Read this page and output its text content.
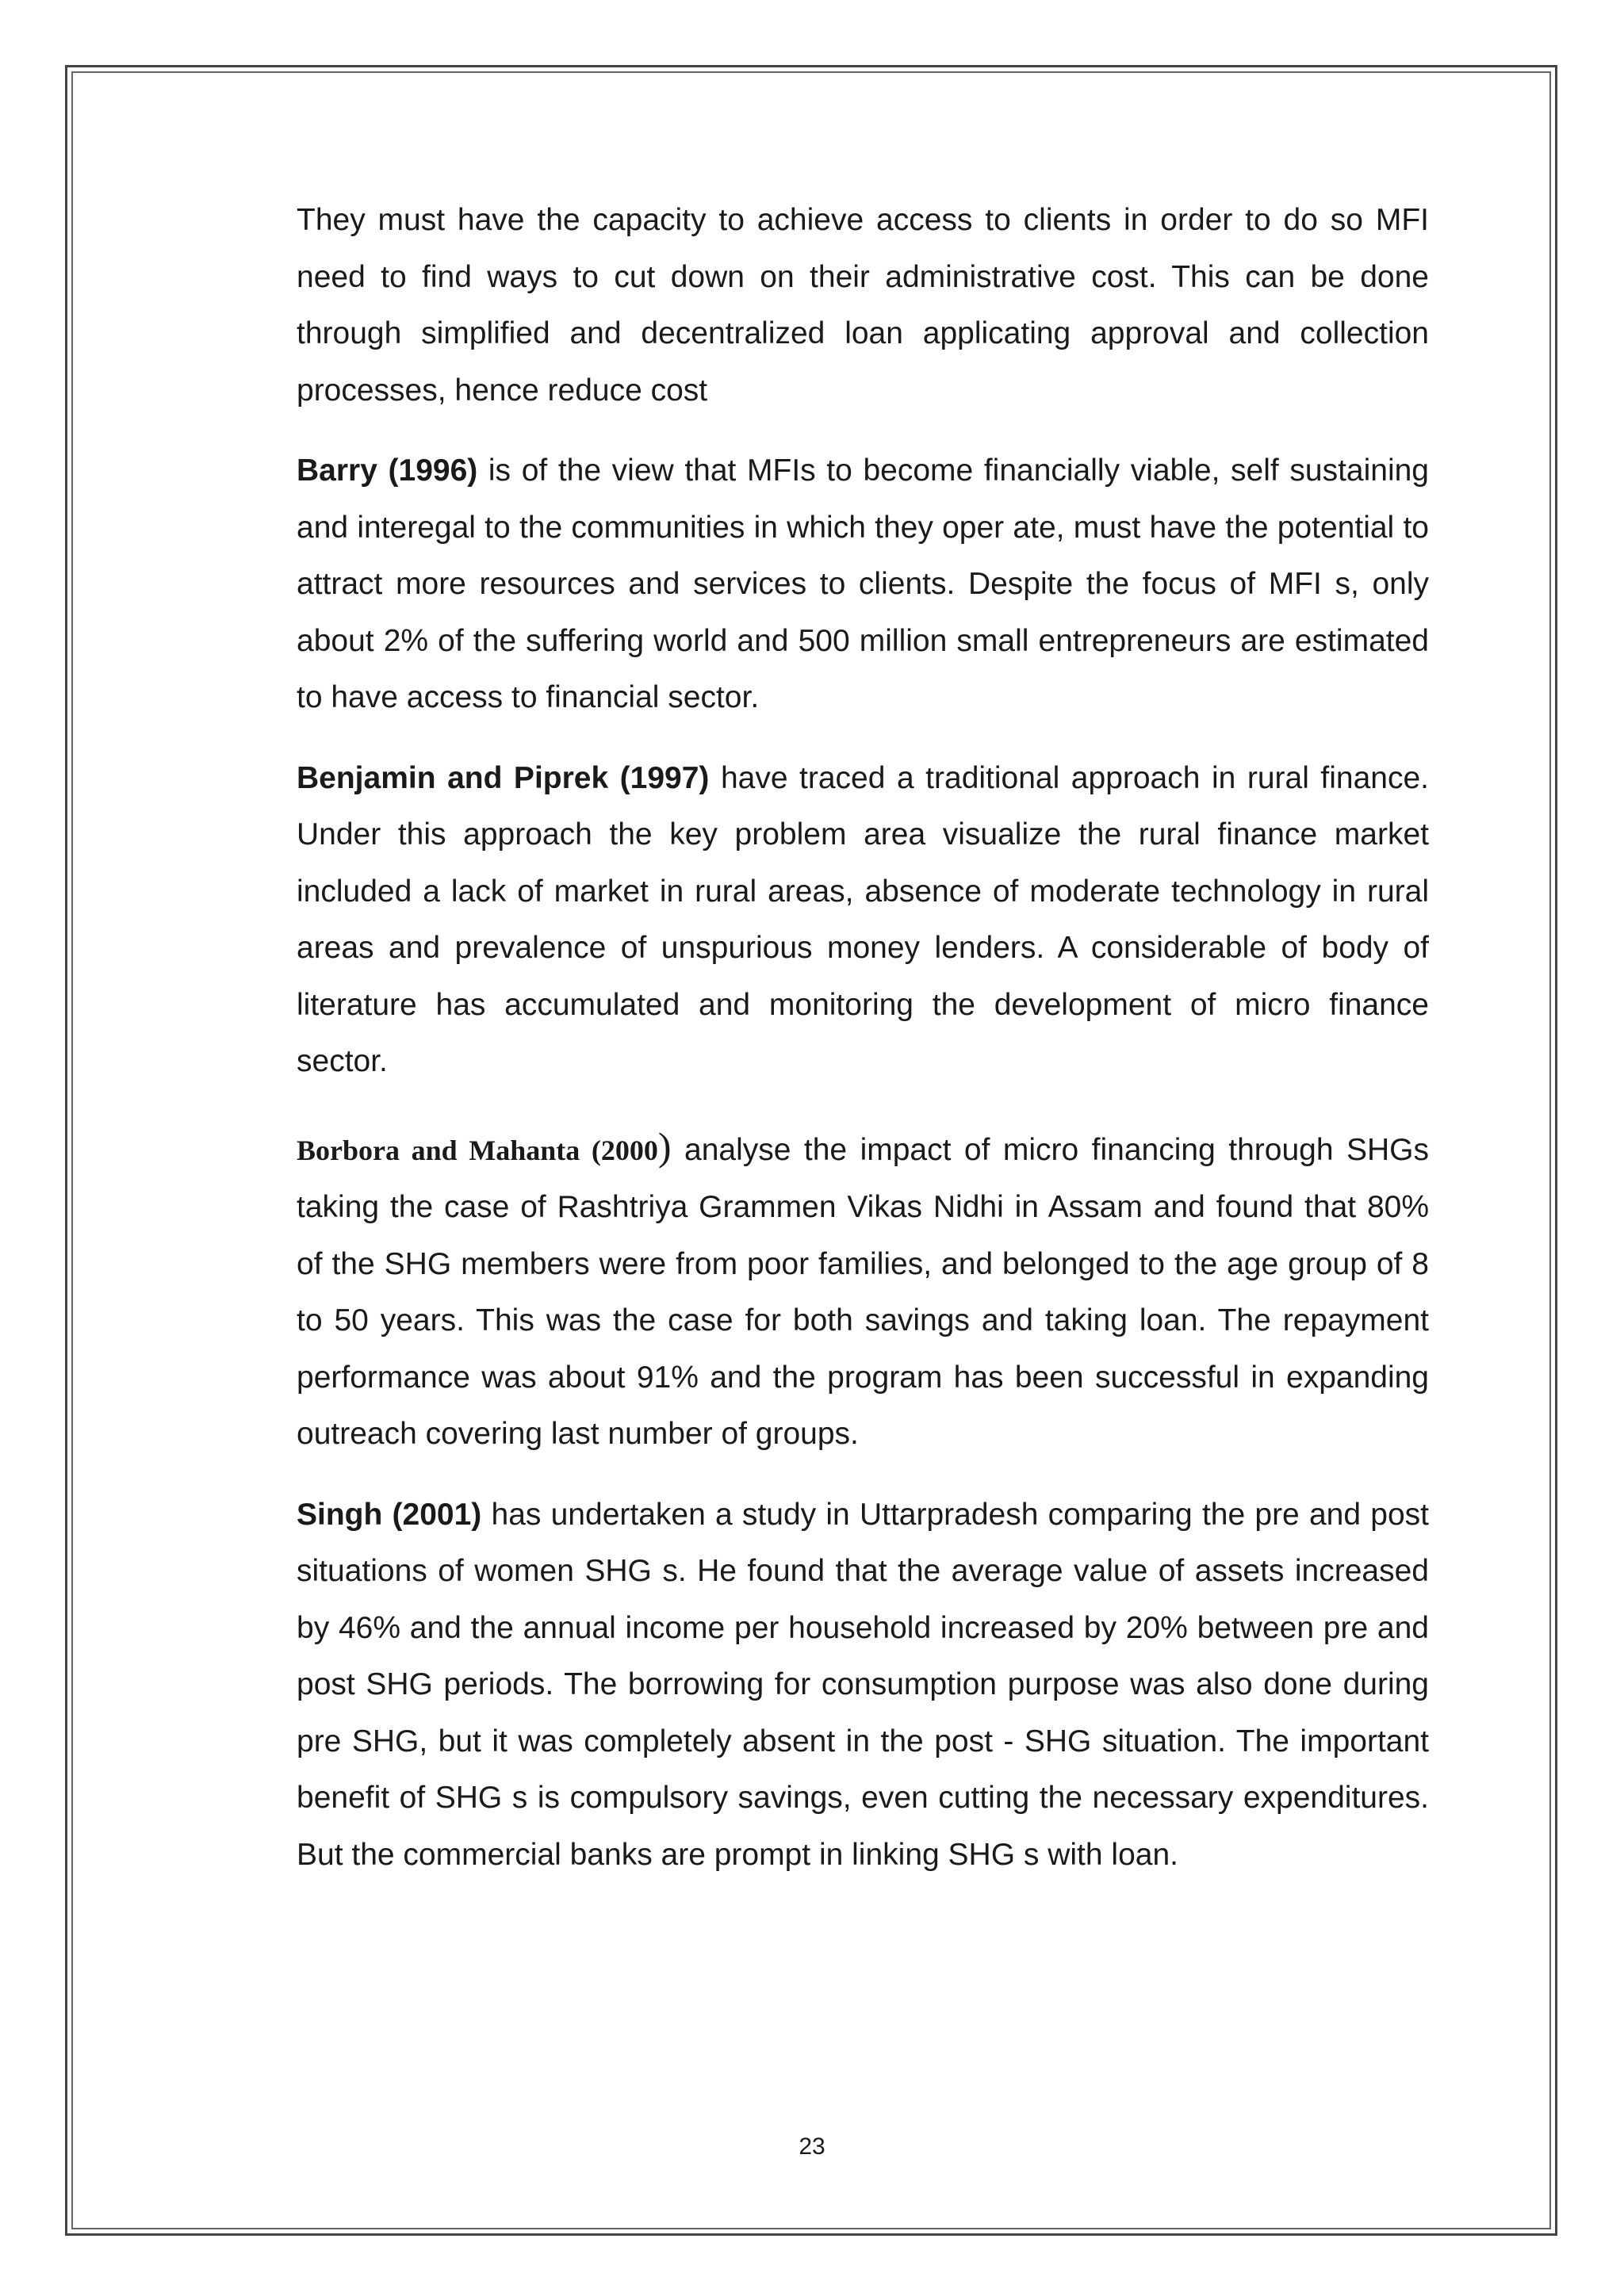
They must have the capacity to achieve access to clients in order to do so MFI need to find ways to cut down on their administrative cost. This can be done through simplified and decentralized loan applicating approval and collection processes, hence reduce cost

Barry (1996) is of the view that MFIs to become financially viable, self sustaining and interegal to the communities in which they oper ate, must have the potential to attract more resources and services to clients. Despite the focus of MFI s, only about 2% of the suffering world and 500 million small entrepreneurs are estimated to have access to financial sector.

Benjamin and Piprek (1997) have traced a traditional approach in rural finance. Under this approach the key problem area visualize the rural finance market included a lack of market in rural areas, absence of moderate technology in rural areas and prevalence of unspurious money lenders. A considerable of body of literature has accumulated and monitoring the development of micro finance sector.

Borbora and Mahanta (2000) analyse the impact of micro financing through SHGs taking the case of Rashtriya Grammen Vikas Nidhi in Assam and found that 80% of the SHG members were from poor families, and belonged to the age group of 8 to 50 years. This was the case for both savings and taking loan. The repayment performance was about 91% and the program has been successful in expanding outreach covering last number of groups.

Singh (2001) has undertaken a study in Uttarpradesh comparing the pre and post situations of women SHG s. He found that the average value of assets increased by 46% and the annual income per household increased by 20% between pre and post SHG periods. The borrowing for consumption purpose was also done during pre SHG, but it was completely absent in the post - SHG situation. The important benefit of SHG s is compulsory savings, even cutting the necessary expenditures. But the commercial banks are prompt in linking SHG s with loan.

23
